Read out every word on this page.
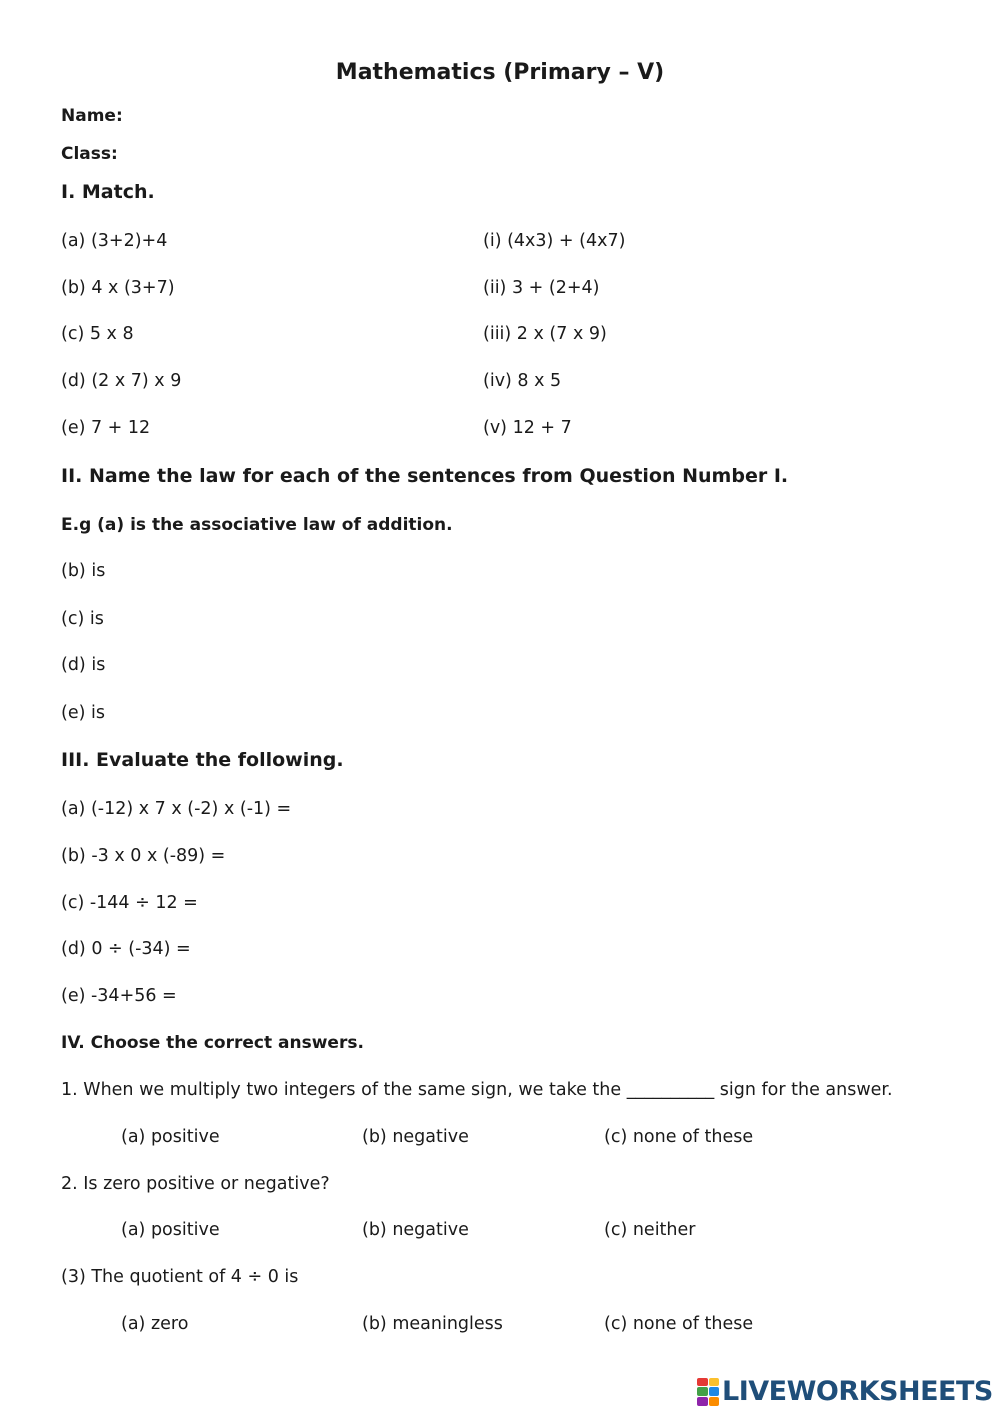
Mathematics (Primary – V)
Name:
Class:
I. Match.
(a) (3+2)+4	(i) (4x3) + (4x7)
(b) 4 x (3+7)	(ii) 3 + (2+4)
(c) 5 x 8	(iii) 2 x (7 x 9)
(d) (2 x 7) x 9	(iv) 8 x 5
(e) 7 + 12	(v) 12 + 7
II. Name the law for each of the sentences from Question Number I.
E.g (a) is the associative law of addition.
(b) is
(c) is
(d) is
(e) is
III. Evaluate the following.
(a) (-12) x 7 x (-2) x (-1) =
(b) -3 x 0 x (-89) =
(c) -144 ÷ 12 =
(d) 0 ÷ (-34) =
(e) -34+56 =
IV. Choose the correct answers.
1. When we multiply two integers of the same sign, we take the __________ sign for the answer.
(a) positive	(b) negative	(c) none of these
2. Is zero positive or negative?
(a) positive	(b) negative	(c) neither
(3) The quotient of 4 ÷ 0 is
(a) zero	(b) meaningless	(c) none of these
LIVEWORKSHEETS
